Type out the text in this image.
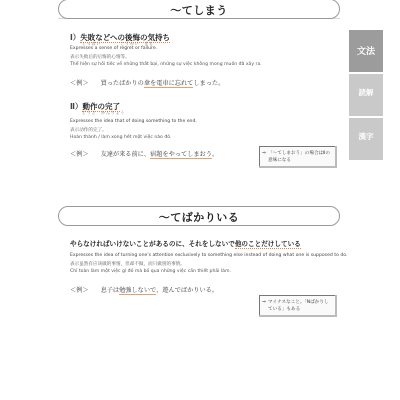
〜てしまう
文法
読解
漢字
Ⅰ）失敗などへの後悔の気持ち
しっぱい　　　　こうかい　きも
Expresses a sense of regret or failure.
表示失败后的后悔的心情等。
Thể hiện sự hối tiếc về những thất bại, những sự việc không mong muốn đã xảy ra.
＜例＞ 買ったばかりの傘を電車に忘れてしまった。
Ⅱ）動作の完了
どうさ　かんりょう
Expresses the idea that of doing something to the end.
表示动作的完了。
Hoàn thành / làm xong hết một việc nào đó.
＜例＞ 友達が来る前に、宿題をやってしまおう。
⇒	「〜てしまおう」の場合はⅡの意味になる
〜てばかりいる
やらなければいけないことがあるのに、それをしないで他のことだけしている
Expresses the idea of turning one's attention exclusively to something else instead of doing what one is supposed to do.
表示虽然有应该做的事情，但却不做，而只做别的事情。
Chỉ toàn làm một việc gì đó mà bỏ qua những việc cần thiết phải làm.
＜例＞ 息子は勉強しないで、遊んでばかりいる。
⇒ マイナスなこと。「Nばかりしている」もある
